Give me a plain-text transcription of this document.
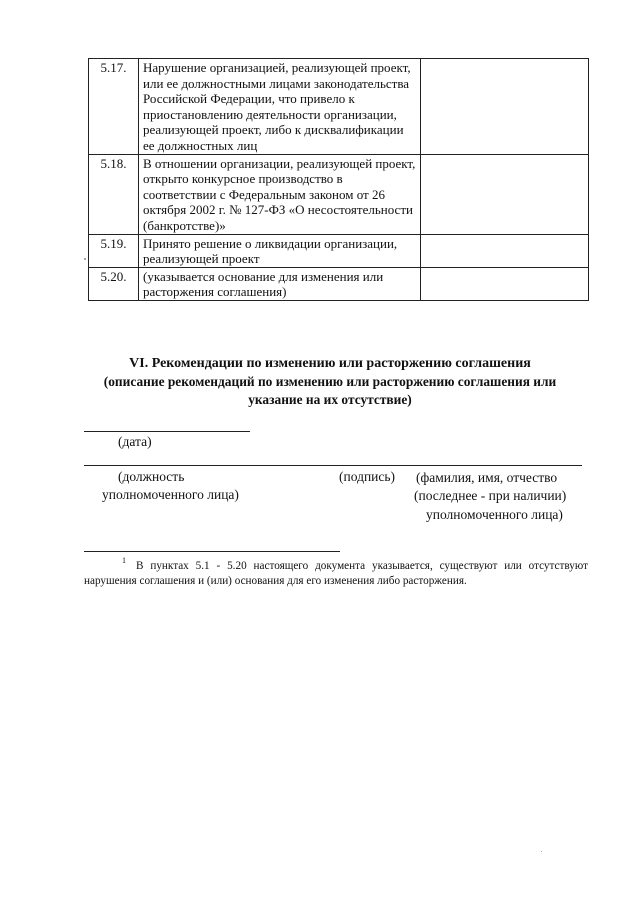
5.17.	Нарушение организацией, реализующей проект, или ее должностными лицами законодательства Российской Федерации, что привело к приостановлению деятельности организации, реализующей проект, либо к дисквалификации ее должностных лиц	
5.18.	В отношении организации, реализующей проект, открыто конкурсное производство в соответствии с Федеральным законом от 26 октября 2002 г. № 127-ФЗ «О несостоятельности (банкротстве)»	
5.19.	Принято решение о ликвидации организации, реализующей проект	
5.20.	(указывается основание для изменения или расторжения соглашения)	
VI. Рекомендации по изменению или расторжению соглашения
(описание рекомендаций по изменению или расторжению соглашения или указание на их отсутствие)
(дата)
(должность
уполномоченного лица)
(подпись) (фамилия, имя, отчество
(последнее - при наличии)
уполномоченного лица)
$^1$ В пунктах 5.1 - 5.20 настоящего документа указывается, существуют или отсутствуют нарушения соглашения и (или) основания для его изменения либо расторжения.
